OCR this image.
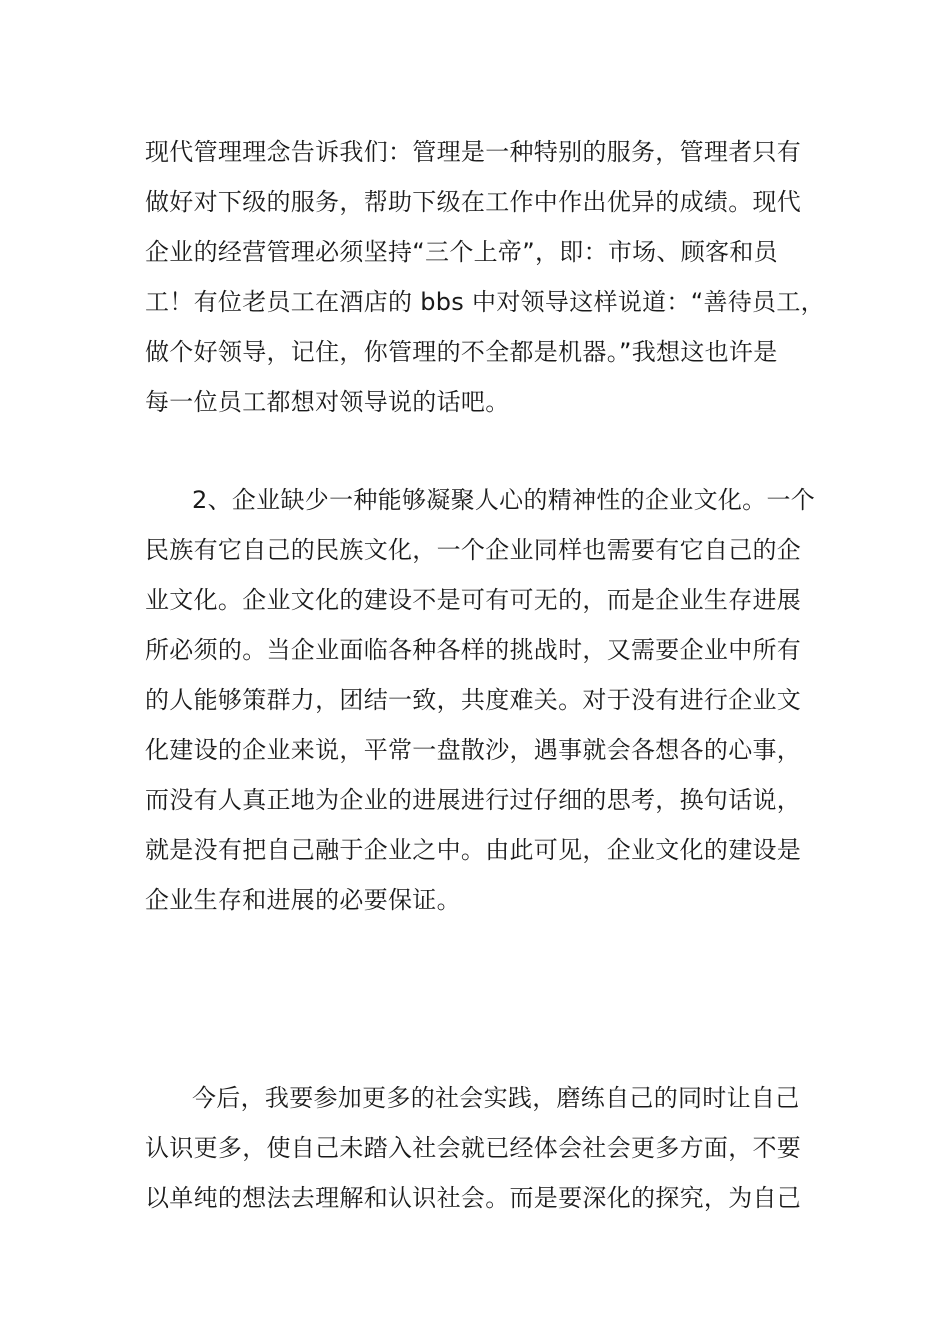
现代管理理念告诉我们：管理是一种特别的服务，管理者只有
做好对下级的服务，帮助下级在工作中作出优异的成绩。现代
企业的经营管理必须坚持“三个上帝”，即：市场、顾客和员
工！有位老员工在酒店的 bbs 中对领导这样说道：“善待员工，
做个好领导，记住，你管理的不全都是机器。”我想这也许是
每一位员工都想对领导说的话吧。
2、企业缺少一种能够凝聚人心的精神性的企业文化。一个
民族有它自己的民族文化，一个企业同样也需要有它自己的企
业文化。企业文化的建设不是可有可无的，而是企业生存进展
所必须的。当企业面临各种各样的挑战时，又需要企业中所有
的人能够策群力，团结一致，共度难关。对于没有进行企业文
化建设的企业来说，平常一盘散沙，遇事就会各想各的心事，
而没有人真正地为企业的进展进行过仔细的思考，换句话说，
就是没有把自己融于企业之中。由此可见，企业文化的建设是
企业生存和进展的必要保证。
今后，我要参加更多的社会实践，磨练自己的同时让自己
认识更多，使自己未踏入社会就已经体会社会更多方面，不要
以单纯的想法去理解和认识社会。而是要深化的探究，为自己
